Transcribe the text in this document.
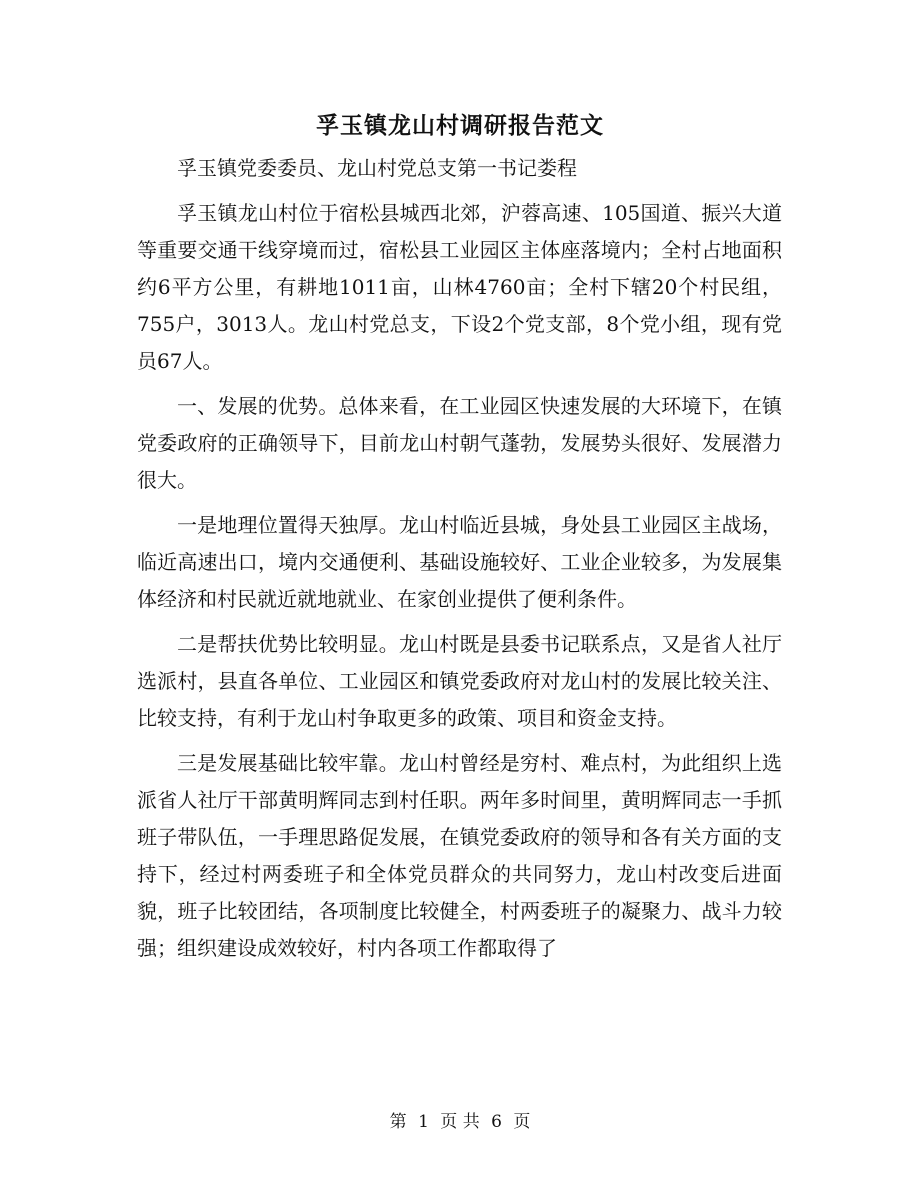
孚玉镇龙山村调研报告范文

孚玉镇党委委员、龙山村党总支第一书记娄程

孚玉镇龙山村位于宿松县城西北郊，沪蓉高速、105国道、振兴大道等重要交通干线穿境而过，宿松县工业园区主体座落境内；全村占地面积约6平方公里，有耕地1011亩，山林4760亩；全村下辖20个村民组，755户，3013人。龙山村党总支，下设2个党支部，8个党小组，现有党员67人。

一、发展的优势。总体来看，在工业园区快速发展的大环境下，在镇党委政府的正确领导下，目前龙山村朝气蓬勃，发展势头很好、发展潜力很大。

一是地理位置得天独厚。龙山村临近县城，身处县工业园区主战场，临近高速出口，境内交通便利、基础设施较好、工业企业较多，为发展集体经济和村民就近就地就业、在家创业提供了便利条件。

二是帮扶优势比较明显。龙山村既是县委书记联系点，又是省人社厅选派村，县直各单位、工业园区和镇党委政府对龙山村的发展比较关注、比较支持，有利于龙山村争取更多的政策、项目和资金支持。

三是发展基础比较牢靠。龙山村曾经是穷村、难点村，为此组织上选派省人社厅干部黄明辉同志到村任职。两年多时间里，黄明辉同志一手抓班子带队伍，一手理思路促发展，在镇党委政府的领导和各有关方面的支持下，经过村两委班子和全体党员群众的共同努力，龙山村改变后进面貌，班子比较团结，各项制度比较健全，村两委班子的凝聚力、战斗力较强；组织建设成效较好，村内各项工作都取得了

第 1 页 共 6 页
